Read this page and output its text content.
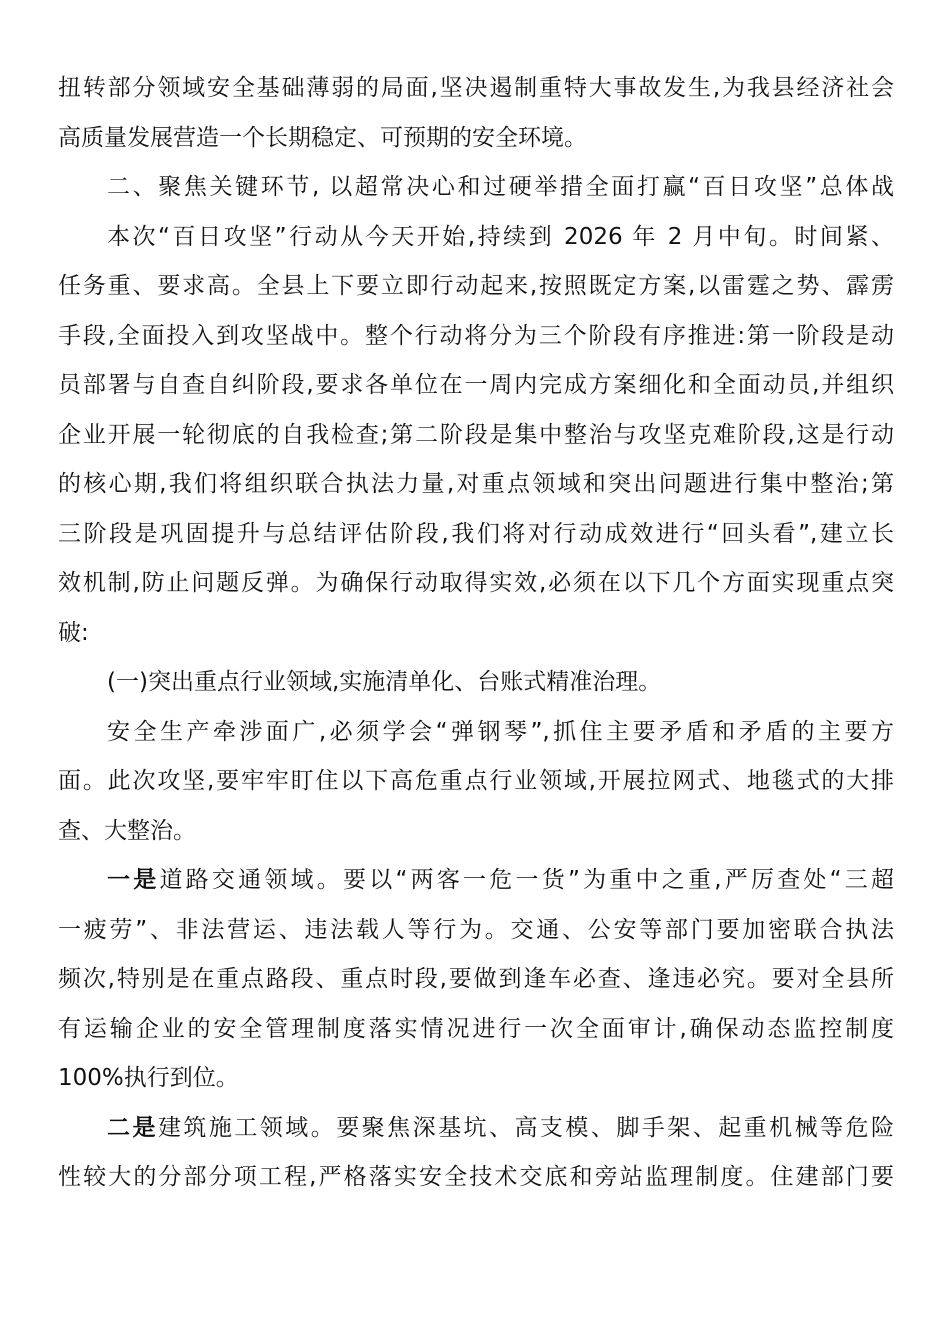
扭转部分领域安全基础薄弱的局面,坚决遏制重特大事故发生,为我县经济社会
高质量发展营造一个长期稳定、可预期的安全环境。
二、聚焦关键环节, 以超常决心和过硬举措全面打赢“百日攻坚”总体战
本次“百日攻坚”行动从今天开始,持续到 2026 年 2 月中旬。时间紧、
任务重、要求高。全县上下要立即行动起来,按照既定方案,以雷霆之势、霹雳
手段,全面投入到攻坚战中。整个行动将分为三个阶段有序推进:第一阶段是动
员部署与自查自纠阶段,要求各单位在一周内完成方案细化和全面动员,并组织
企业开展一轮彻底的自我检查;第二阶段是集中整治与攻坚克难阶段,这是行动
的核心期,我们将组织联合执法力量,对重点领域和突出问题进行集中整治;第
三阶段是巩固提升与总结评估阶段,我们将对行动成效进行“回头看”,建立长
效机制,防止问题反弹。为确保行动取得实效,必须在以下几个方面实现重点突
破:
(一)突出重点行业领域,实施清单化、台账式精准治理。
安全生产牵涉面广,必须学会“弹钢琴”,抓住主要矛盾和矛盾的主要方
面。此次攻坚,要牢牢盯住以下高危重点行业领域,开展拉网式、地毯式的大排
查、大整治。
一是道路交通领域。要以“两客一危一货”为重中之重,严厉查处“三超
一疲劳”、非法营运、违法载人等行为。交通、公安等部门要加密联合执法
频次,特别是在重点路段、重点时段,要做到逢车必查、逢违必究。要对全县所
有运输企业的安全管理制度落实情况进行一次全面审计,确保动态监控制度
100%执行到位。
二是建筑施工领域。要聚焦深基坑、高支模、脚手架、起重机械等危险
性较大的分部分项工程,严格落实安全技术交底和旁站监理制度。住建部门要
